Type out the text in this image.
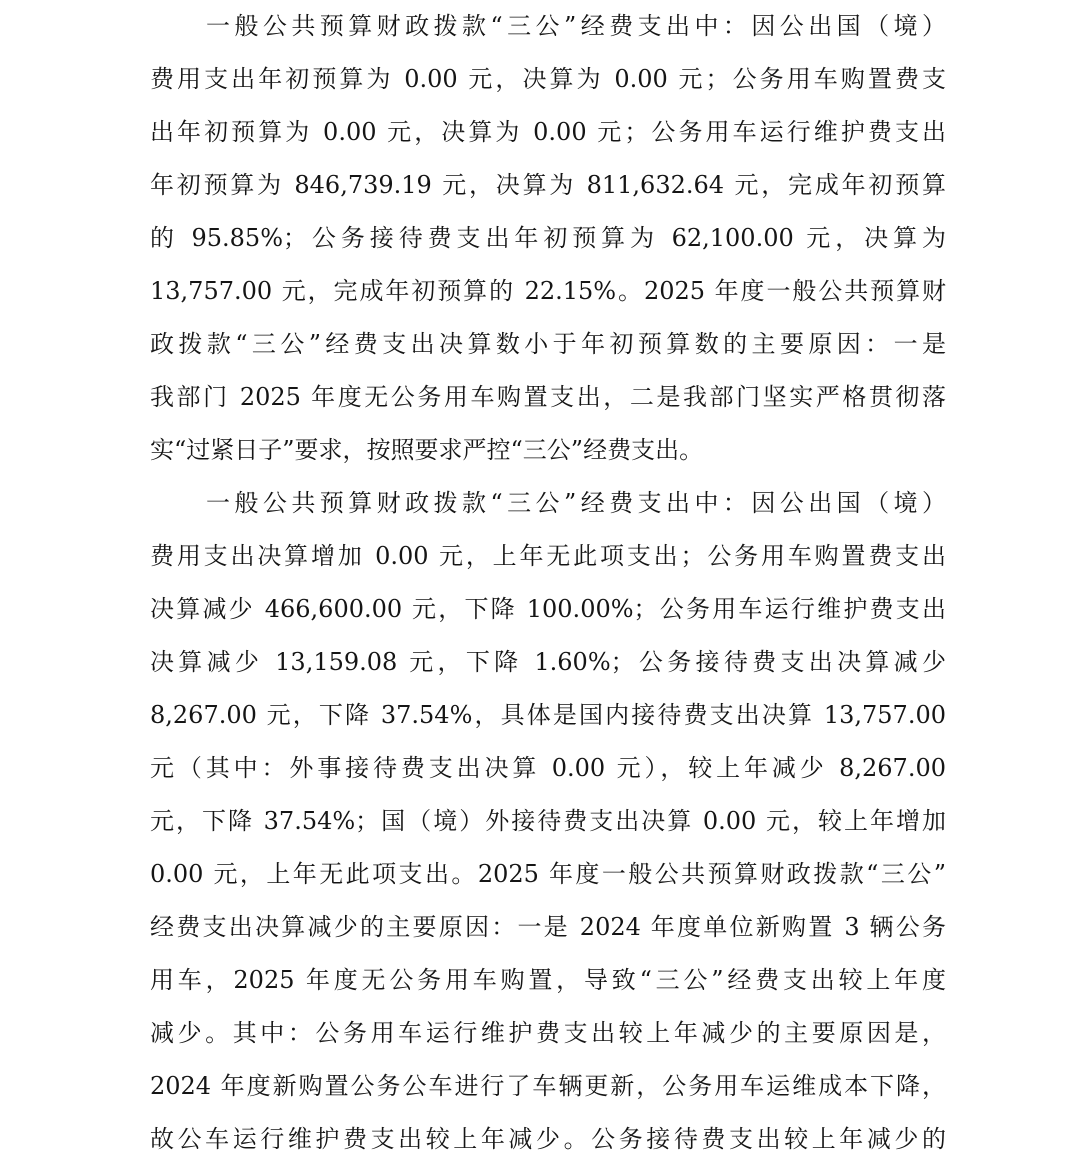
一般公共预算财政拨款“三公”经费支出中：因公出国（境）
费用支出年初预算为 0.00 元，决算为 0.00 元；公务用车购置费支
出年初预算为 0.00 元，决算为 0.00 元；公务用车运行维护费支出
年初预算为 846,739.19 元，决算为 811,632.64 元，完成年初预算
的 95.85%；公务接待费支出年初预算为 62,100.00 元，决算为
13,757.00 元，完成年初预算的 22.15%。2025 年度一般公共预算财
政拨款“三公”经费支出决算数小于年初预算数的主要原因：一是
我部门 2025 年度无公务用车购置支出，二是我部门坚实严格贯彻落
实“过紧日子”要求，按照要求严控“三公”经费支出。

一般公共预算财政拨款“三公”经费支出中：因公出国（境）
费用支出决算增加 0.00 元，上年无此项支出；公务用车购置费支出
决算减少 466,600.00 元，下降 100.00%；公务用车运行维护费支出
决算减少 13,159.08 元，下降 1.60%；公务接待费支出决算减少
8,267.00 元，下降 37.54%，具体是国内接待费支出决算 13,757.00
元（其中：外事接待费支出决算 0.00 元），较上年减少 8,267.00
元，下降 37.54%；国（境）外接待费支出决算 0.00 元，较上年增加
0.00 元，上年无此项支出。2025 年度一般公共预算财政拨款“三公”
经费支出决算减少的主要原因：一是 2024 年度单位新购置 3 辆公务
用车，2025 年度无公务用车购置，导致“三公”经费支出较上年度
减少。其中：公务用车运行维护费支出较上年减少的主要原因是，
2024 年度新购置公务公车进行了车辆更新，公务用车运维成本下降，
故公车运行维护费支出较上年减少。公务接待费支出较上年减少的
